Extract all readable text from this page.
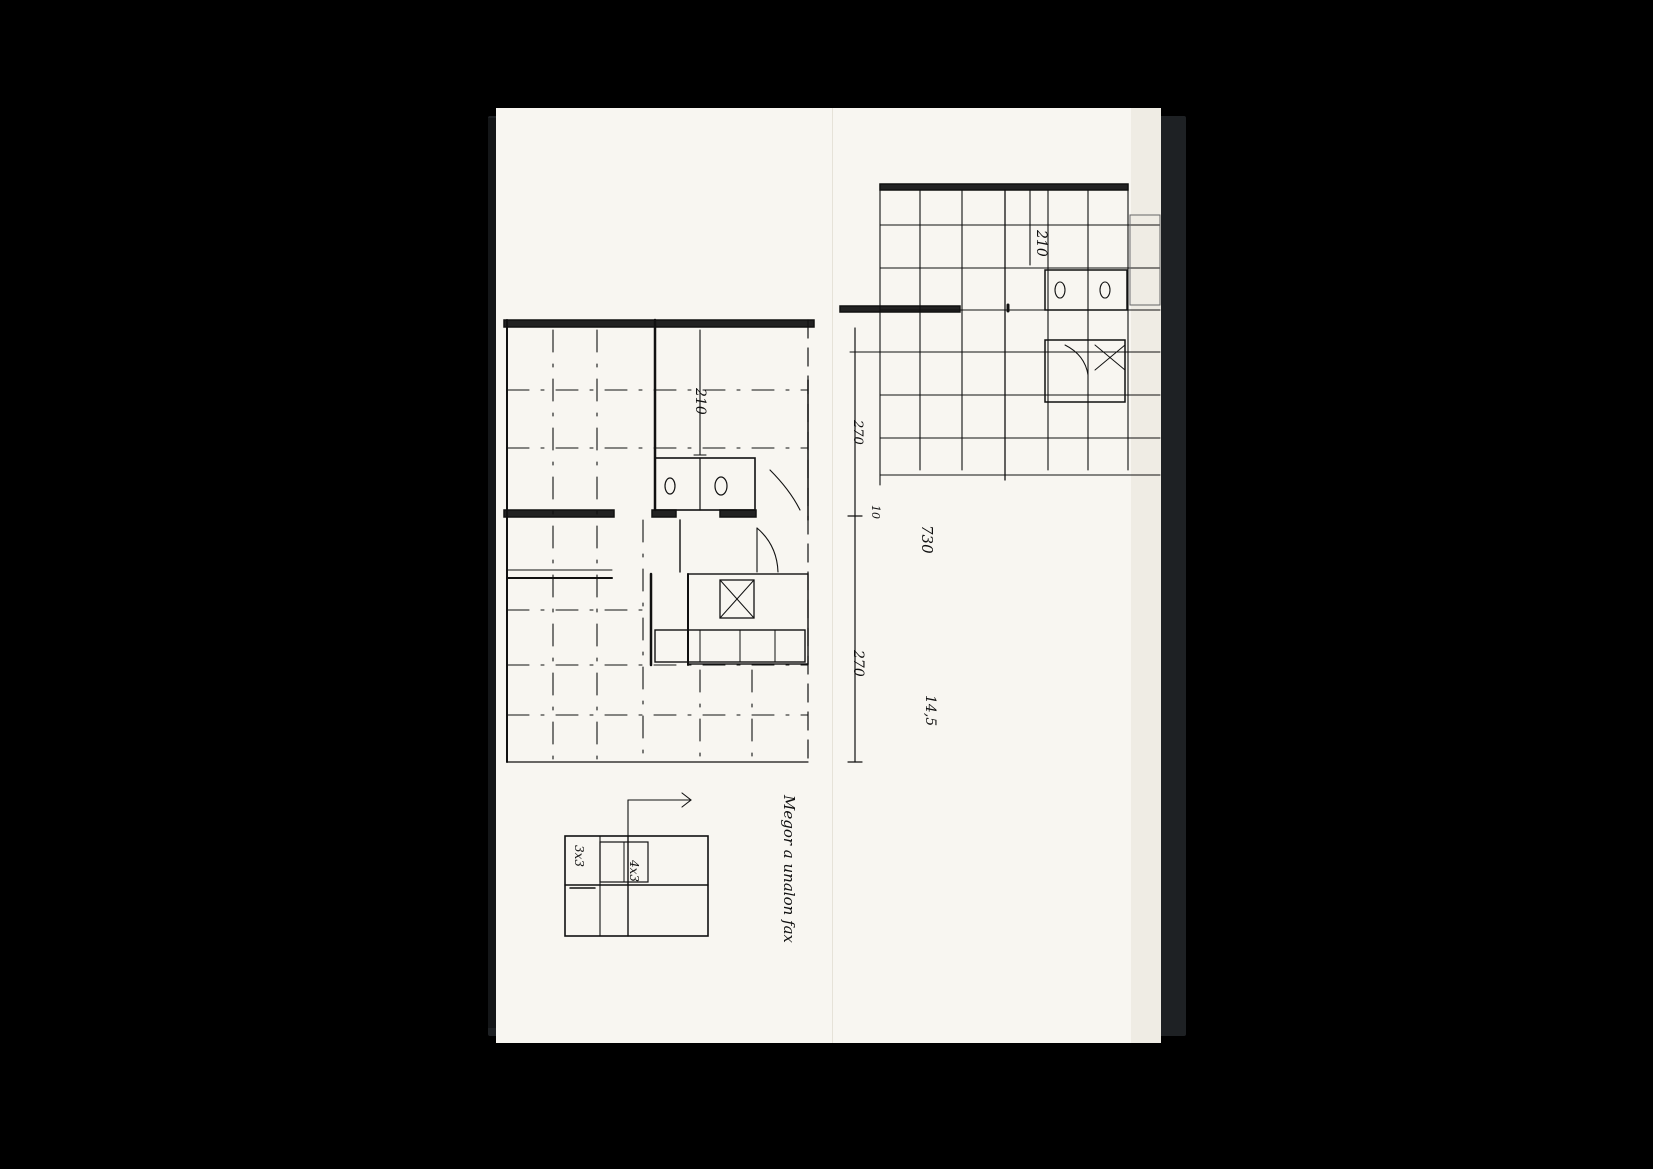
210
210
270
270
730
14,5
10
Megor a unalon fax
3x3
4x3
